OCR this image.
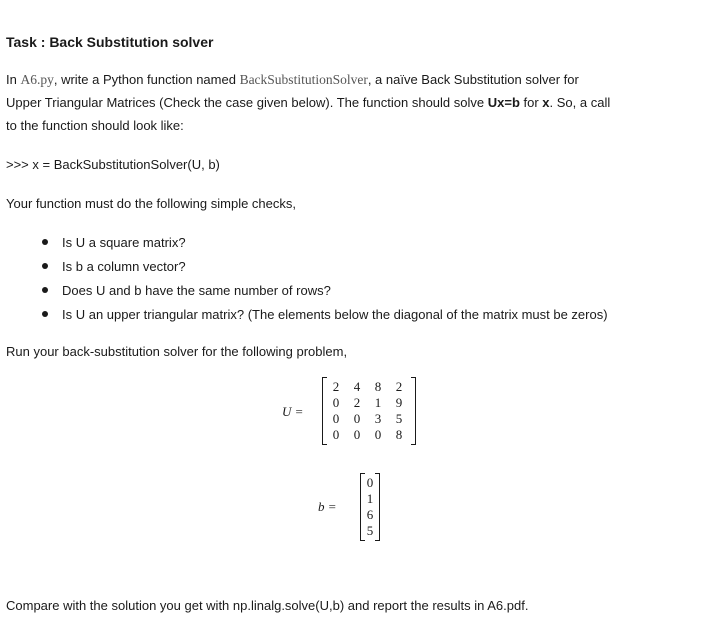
Task : Back Substitution solver
In A6.py, write a Python function named BackSubstitutionSolver, a naïve Back Substitution solver for
Upper Triangular Matrices (Check the case given below). The function should solve Ux=b for x. So, a call
to the function should look like:
>>> x = BackSubstitutionSolver(U, b)
Your function must do the following simple checks,
Is U a square matrix?
Is b a column vector?
Does U and b have the same number of rows?
Is U an upper triangular matrix? (The elements below the diagonal of the matrix must be zeros)
Run your back-substitution solver for the following problem,
Compare with the solution you get with np.linalg.solve(U,b) and report the results in A6.pdf.
U =
2	4	8	2
0	2	1	9
0	0	3	5
0	0	0	8
b =
0
1
6
5
